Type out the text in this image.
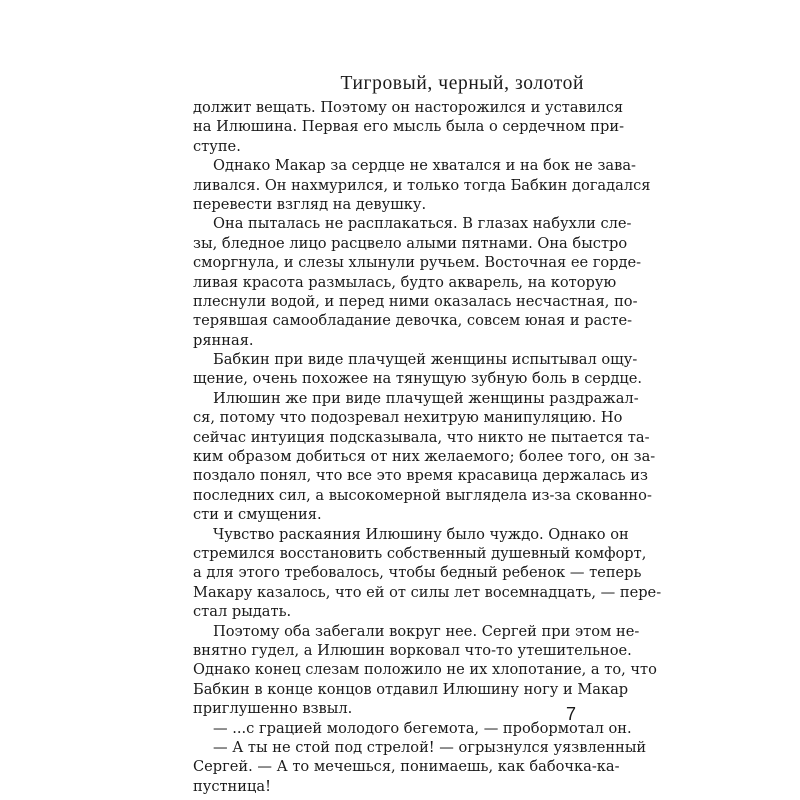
Тигровый, черный, золотой
должит вещать. Поэтому он насторожился и уставился
на Илюшина. Первая его мысль была о сердечном при-
ступе.
Однако Макар за сердце не хватался и на бок не зава-
ливался. Он нахмурился, и только тогда Бабкин догадался
перевести взгляд на девушку.
Она пыталась не расплакаться. В глазах набухли сле-
зы, бледное лицо расцвело алыми пятнами. Она быстро
сморгнула, и слезы хлынули ручьем. Восточная ее горде-
ливая красота размылась, будто акварель, на которую
плеснули водой, и перед ними оказалась несчастная, по-
терявшая самообладание девочка, совсем юная и расте-
рянная.
Бабкин при виде плачущей женщины испытывал ощу-
щение, очень похожее на тянущую зубную боль в сердце.
Илюшин же при виде плачущей женщины раздражал-
ся, потому что подозревал нехитрую манипуляцию. Но
сейчас интуиция подсказывала, что никто не пытается та-
ким образом добиться от них желаемого; более того, он за-
поздало понял, что все это время красавица держалась из
последних сил, а высокомерной выглядела из-за скованно-
сти и смущения.
Чувство раскаяния Илюшину было чуждо. Однако он
стремился восстановить собственный душевный комфорт,
а для этого требовалось, чтобы бедный ребенок — теперь
Макару казалось, что ей от силы лет восемнадцать, — пере-
стал рыдать.
Поэтому оба забегали вокруг нее. Сергей при этом не-
внятно гудел, а Илюшин ворковал что-то утешительное.
Однако конец слезам положило не их хлопотание, а то, что
Бабкин в конце концов отдавил Илюшину ногу и Макар
приглушенно взвыл.
— ...с грацией молодого бегемота, — пробормотал он.
— А ты не стой под стрелой! — огрызнулся уязвленный
Сергей. — А то мечешься, понимаешь, как бабочка-ка-
пустница!
7
